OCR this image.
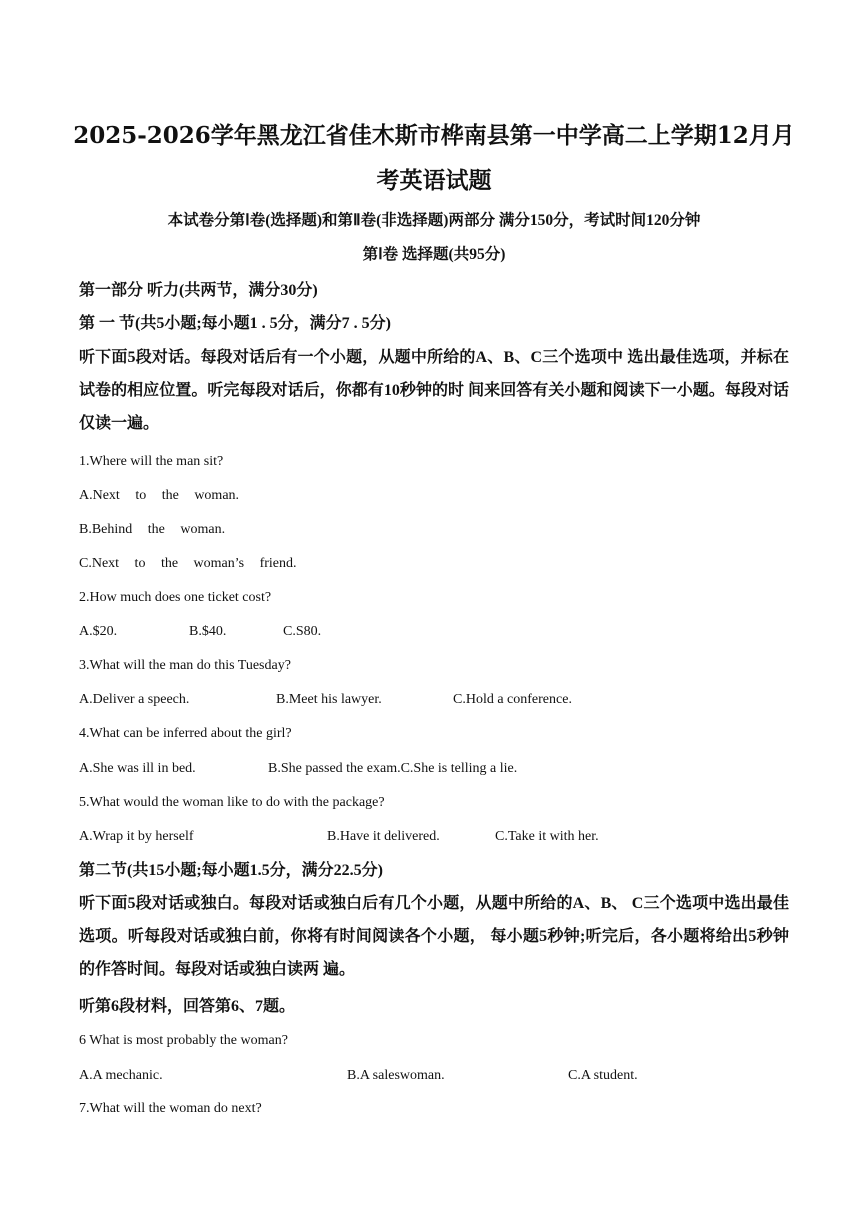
2025-2026学年黑龙江省佳木斯市桦南县第一中学高二上学期12月月
考英语试题
本试卷分第Ⅰ卷(选择题)和第Ⅱ卷(非选择题)两部分 满分150分，考试时间120分钟
第Ⅰ卷 选择题(共95分)
第一部分 听力(共两节，满分30分)
第 一 节(共5小题;每小题1 . 5分，满分7 . 5分)
听下面5段对话。每段对话后有一个小题，从题中所给的A、B、C三个选项中 选出最佳选项，并标在试卷的相应位置。听完每段对话后，你都有10秒钟的时 间来回答有关小题和阅读下一小题。每段对话仅读一遍。
1.Where will the man sit?
A.Next to the woman.
B.Behind the woman.
C.Next to the woman’s friend.
2.How much does one ticket cost?
A.$20.	B.$40.	C.S80.
3.What will the man do this Tuesday?
A.Deliver a speech.	B.Meet his lawyer.	C.Hold a conference.
4.What can be inferred about the girl?
A.She was ill in bed.	B.She passed the exam.C.She is telling a lie.
5.What would the woman like to do with the package?
A.Wrap it by herself	B.Have it delivered.	C.Take it with her.
第二节(共15小题;每小题1.5分，满分22.5分)
听下面5段对话或独白。每段对话或独白后有几个小题，从题中所给的A、B、 C三个选项中选出最佳选项。听每段对话或独白前，你将有时间阅读各个小题， 每小题5秒钟;听完后，各小题将给出5秒钟的作答时间。每段对话或独白读两 遍。
听第6段材料，回答第6、7题。
6 What is most probably the woman?
A.A mechanic.	B.A saleswoman.	C.A student.
7.What will the woman do next?
